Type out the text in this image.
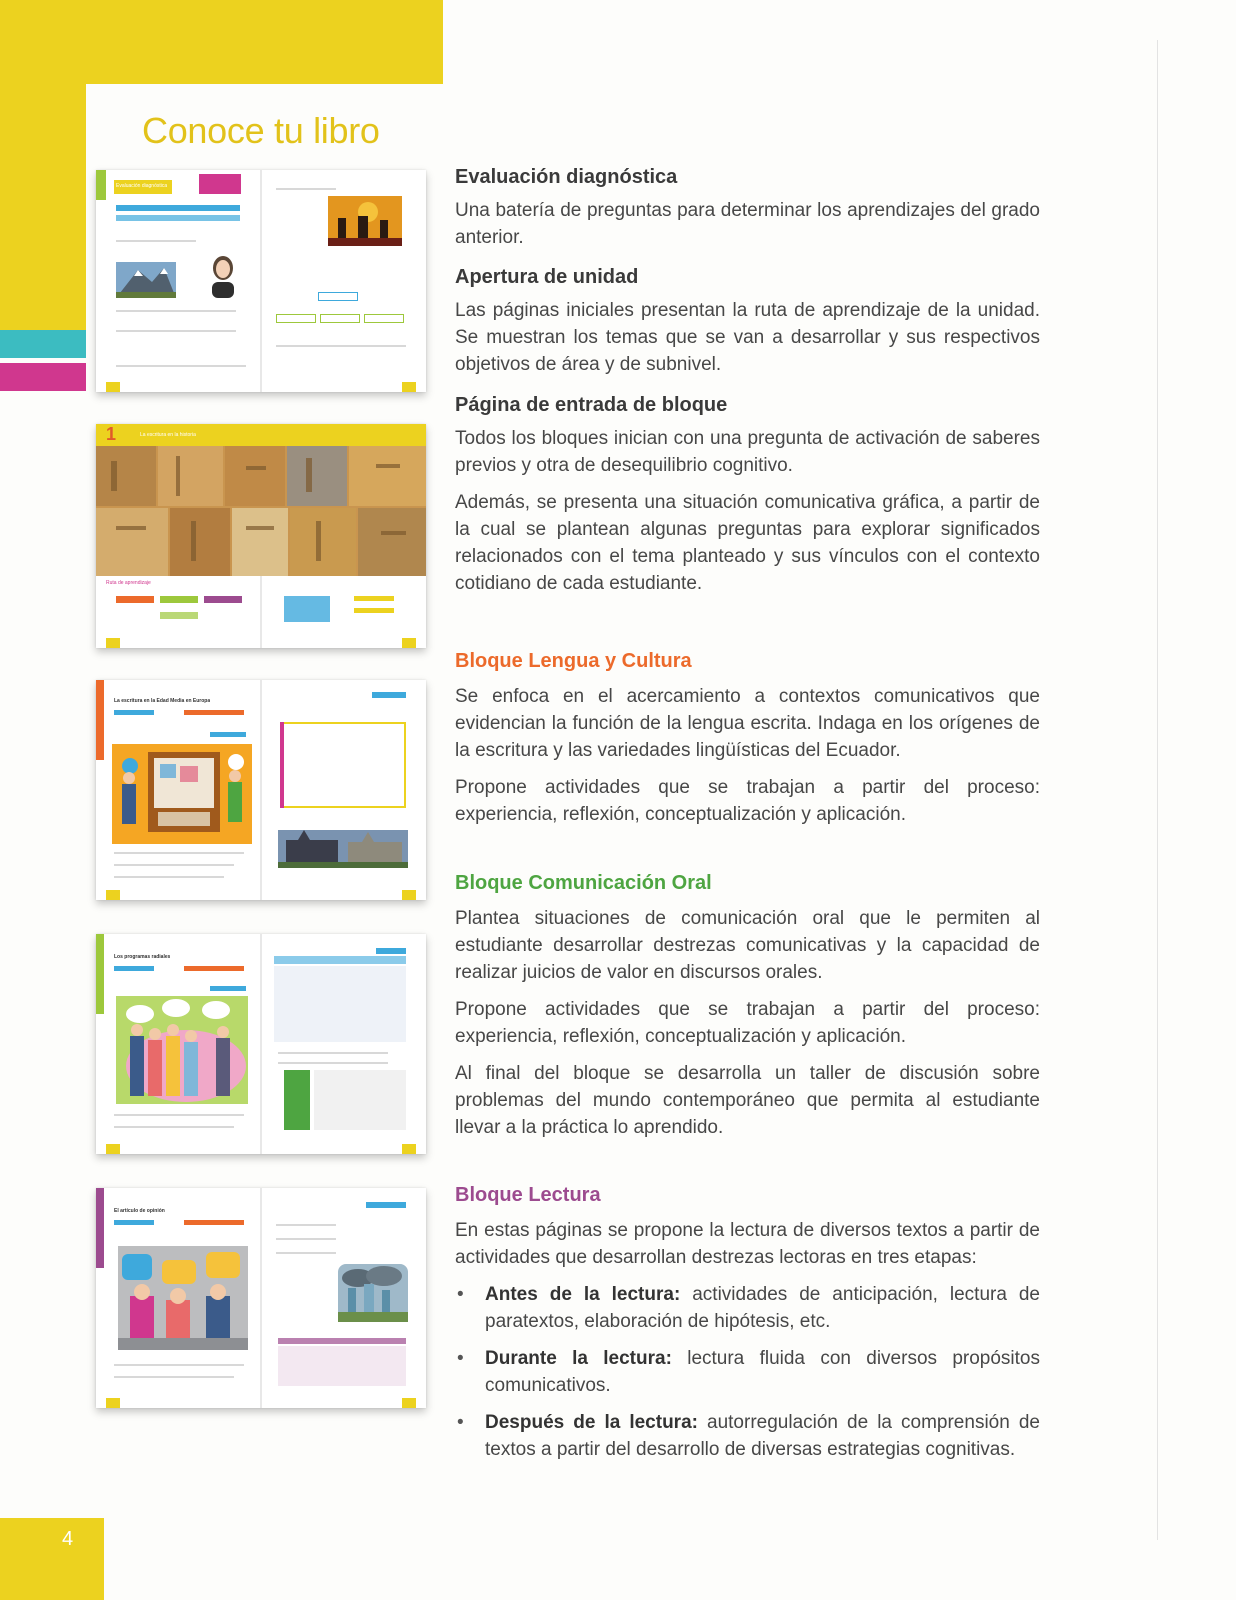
Conoce tu libro
Evaluación diagnóstica
1	La escritura en la historia
Ruta de aprendizaje
La escritura en la Edad Media en Europa
Los programas radiales
El artículo de opinión
Evaluación diagnóstica

Una batería de preguntas para determinar los aprendizajes del grado anterior.

Apertura de unidad

Las páginas iniciales presentan la ruta de aprendizaje de la unidad. Se muestran los temas que se van a desarrollar y sus respectivos objetivos de área y de subnivel.

Página de entrada de bloque

Todos los bloques inician con una pregunta de activación de saberes previos y otra de desequilibrio cognitivo.

Además, se presenta una situación comunicativa gráfica, a partir de la cual se plantean algunas preguntas para explorar significados relacionados con el tema planteado y sus vínculos con el contexto cotidiano de cada estudiante.

Bloque Lengua y Cultura

Se enfoca en el acercamiento a contextos comunicativos que evidencian la función de la lengua escrita. Indaga en los orígenes de la escritura y las variedades lingüísticas del Ecuador.

Propone actividades que se trabajan a partir del proceso: experiencia, reflexión, conceptualización y aplicación.

Bloque Comunicación Oral

Plantea situaciones de comunicación oral que le permiten al estudiante desarrollar destrezas comunicativas y la capacidad de realizar juicios de valor en discursos orales.

Propone actividades que se trabajan a partir del proceso: experiencia, reflexión, conceptualización y aplicación.

Al final del bloque se desarrolla un taller de discusión sobre problemas del mundo contemporáneo que permita al estudiante llevar a la práctica lo aprendido.

Bloque Lectura

En estas páginas se propone la lectura de diversos textos a partir de actividades que desarrollan destrezas lectoras en tres etapas:

• Antes de la lectura: actividades de anticipación, lectura de paratextos, elaboración de hipótesis, etc.
• Durante la lectura: lectura fluida con diversos propósitos comunicativos.
• Después de la lectura: autorregulación de la comprensión de textos a partir del desarrollo de diversas estrategias cognitivas.
4
